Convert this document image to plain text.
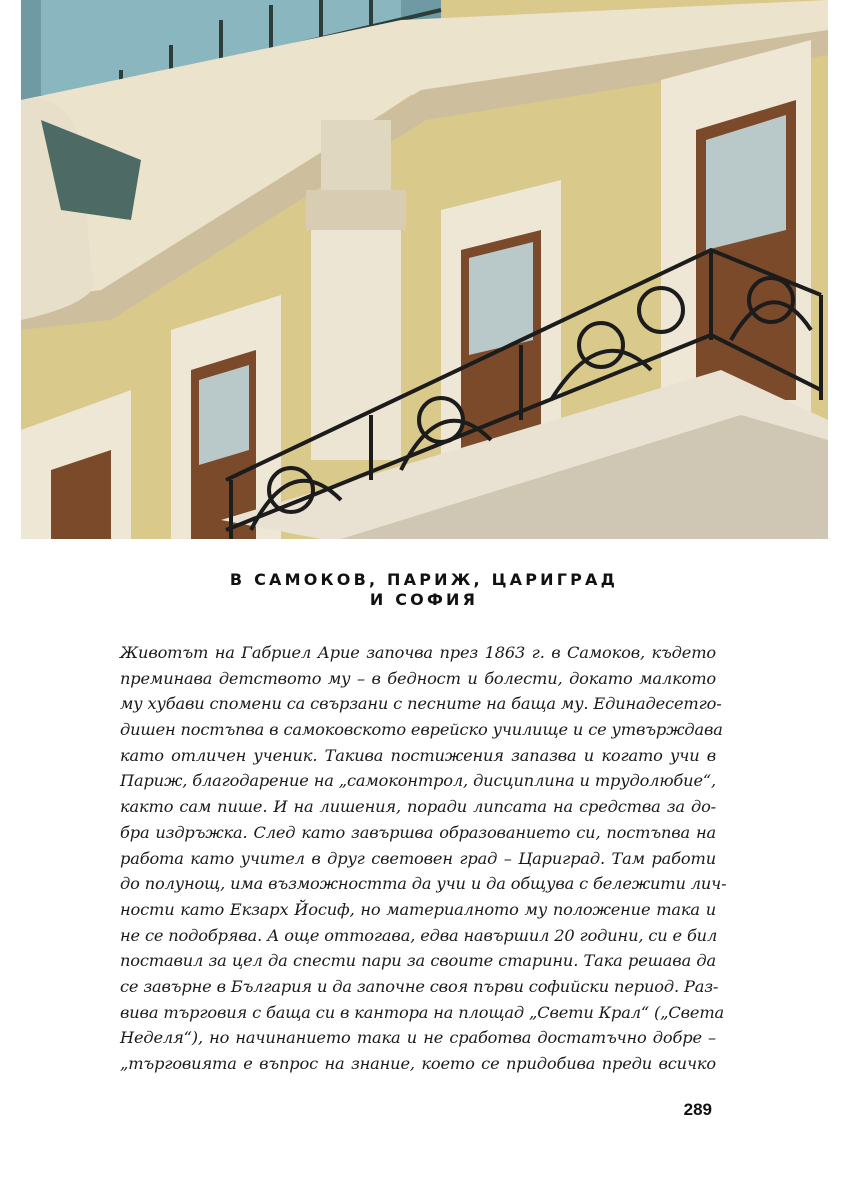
В САМОКОВ, ПАРИЖ, ЦАРИГРАД
И СОФИЯ
Животът на Габриел Арие започва през 1863 г. в Самоков, където
преминава детството му – в бедност и болести, докато малкото
му хубави спомени са свързани с песните на баща му. Единадесетго-
дишен постъпва в самоковското еврейско училище и се утвърждава
като отличен ученик. Такива постижения запазва и когато учи в
Париж, благодарение на „самоконтрол, дисциплина и трудолюбие“,
както сам пише. И на лишения, поради липсата на средства за до-
бра издръжка. След като завършва образованието си, постъпва на
работа като учител в друг световен град – Цариград. Там работи
до полунощ, има възможността да учи и да общува с бележити лич-
ности като Екзарх Йосиф, но материалното му положение така и
не се подобрява. А още оттогава, едва навършил 20 години, си е бил
поставил за цел да спести пари за своите старини. Така решава да
се завърне в България и да започне своя първи софийски период. Раз-
вива търговия с баща си в кантора на площад „Свети Крал“ („Света
Неделя“), но начинанието така и не сработва достатъчно добре –
„търговията е въпрос на знание, което се придобива преди всичко
289
